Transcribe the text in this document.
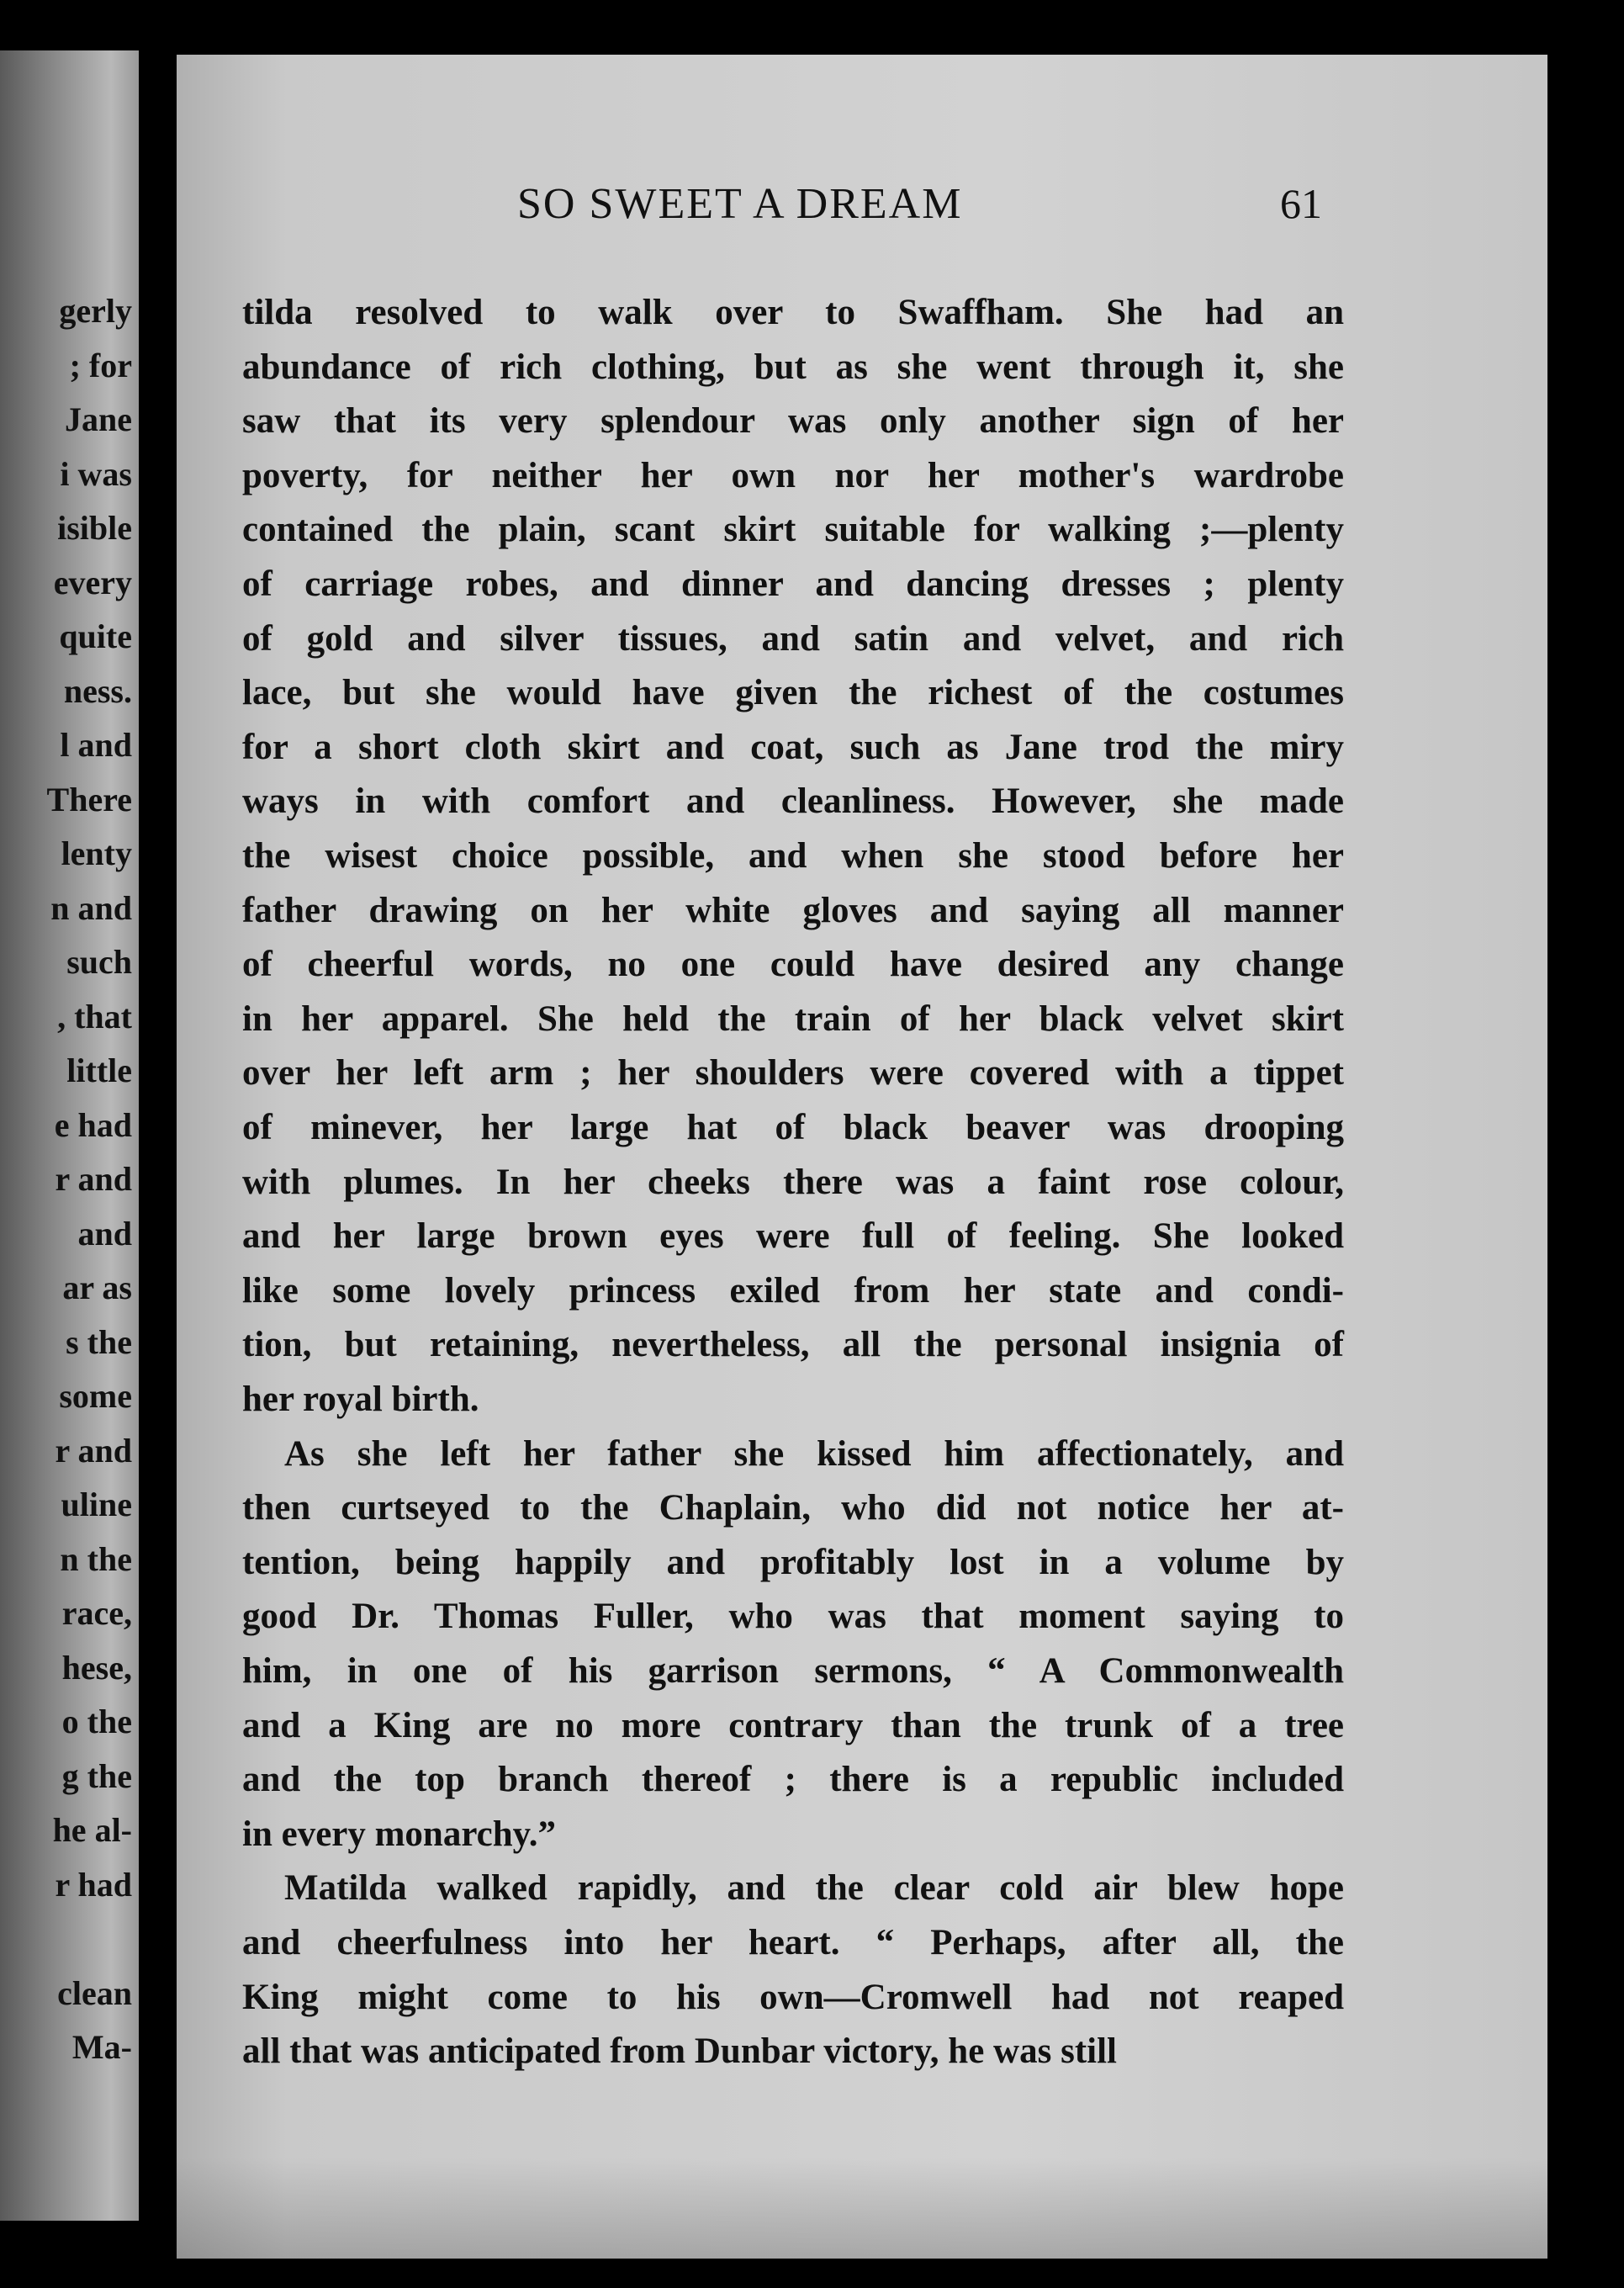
gerly
; for
Jane
i was
isible
every
quite
ness.
l and
There
lenty
n and
such
, that
little
e had
r and
and
ar as
s the
some
r and
uline
n the
race,
hese,
o the
g the
he al-
r had
clean
Ma-
SO SWEET A DREAM	61
tilda resolved to walk over to Swaffham. She had an
abundance of rich clothing, but as she went through it, she
saw that its very splendour was only another sign of her
poverty, for neither her own nor her mother's wardrobe
contained the plain, scant skirt suitable for walking ;—plenty
of carriage robes, and dinner and dancing dresses ; plenty
of gold and silver tissues, and satin and velvet, and rich
lace, but she would have given the richest of the costumes
for a short cloth skirt and coat, such as Jane trod the miry
ways in with comfort and cleanliness. However, she made
the wisest choice possible, and when she stood before her
father drawing on her white gloves and saying all manner
of cheerful words, no one could have desired any change
in her apparel. She held the train of her black velvet skirt
over her left arm ; her shoulders were covered with a tippet
of minever, her large hat of black beaver was drooping
with plumes. In her cheeks there was a faint rose colour,
and her large brown eyes were full of feeling. She looked
like some lovely princess exiled from her state and condi-
tion, but retaining, nevertheless, all the personal insignia of
her royal birth.
As she left her father she kissed him affectionately, and
then curtseyed to the Chaplain, who did not notice her at-
tention, being happily and profitably lost in a volume by
good Dr. Thomas Fuller, who was that moment saying to
him, in one of his garrison sermons, “ A Commonwealth
and a King are no more contrary than the trunk of a tree
and the top branch thereof ; there is a republic included
in every monarchy.”
Matilda walked rapidly, and the clear cold air blew hope
and cheerfulness into her heart. “ Perhaps, after all, the
King might come to his own—Cromwell had not reaped
all that was anticipated from Dunbar victory, he was still
